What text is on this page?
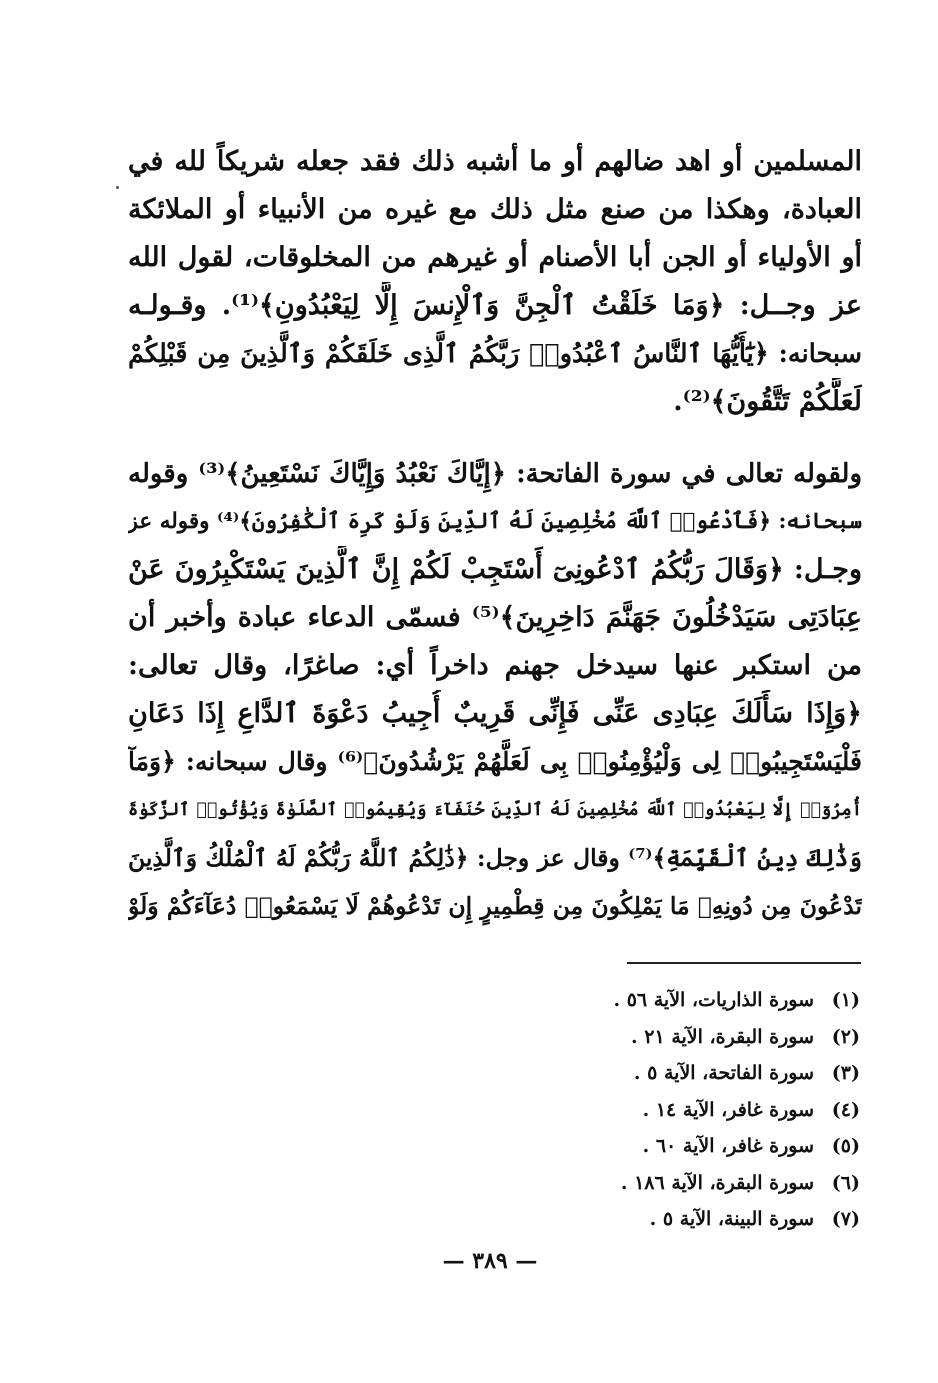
المسلمين أو اهد ضالهم أو ما أشبه ذلك فقد جعله شريكاً لله في
العبادة، وهكذا من صنع مثل ذلك مع غيره من الأنبياء أو الملائكة
أو الأولياء أو الجن أبا الأصنام أو غيرهم من المخلوقات، لقول الله
عز وجــل: ﴿وَمَا خَلَقْتُ ٱلْجِنَّ وَٱلْإِنسَ إِلَّا لِيَعْبُدُونِ﴾⁽¹⁾. وقـولـه
سبحانه: ﴿يَٰٓأَيُّهَا ٱلنَّاسُ ٱعْبُدُوا۟ رَبَّكُمُ ٱلَّذِى خَلَقَكُمْ وَٱلَّذِينَ مِن قَبْلِكُمْ
لَعَلَّكُمْ تَتَّقُونَ﴾⁽²⁾.
ولقوله تعالى في سورة الفاتحة: ﴿إِيَّاكَ نَعْبُدُ وَإِيَّاكَ نَسْتَعِينُ﴾⁽³⁾ وقوله
سبحانه: ﴿فَٱدْعُوا۟ ٱللَّهَ مُخْلِصِينَ لَهُ ٱلدِّينَ وَلَوْ كَرِهَ ٱلْكَٰفِرُونَ﴾⁽⁴⁾ وقوله عز
وجـل: ﴿وَقَالَ رَبُّكُمُ ٱدْعُونِىٓ أَسْتَجِبْ لَكُمْ إِنَّ ٱلَّذِينَ يَسْتَكْبِرُونَ عَنْ
عِبَادَتِى سَيَدْخُلُونَ جَهَنَّمَ دَاخِرِينَ﴾⁽⁵⁾ فسمّى الدعاء عبادة وأخبر أن
من استكبر عنها سيدخل جهنم داخراً أي: صاغرًا، وقال تعالى:
﴿وَإِذَا سَأَلَكَ عِبَادِى عَنِّى فَإِنِّى قَرِيبٌ أُجِيبُ دَعْوَةَ ٱلدَّاعِ إِذَا دَعَانِ
فَلْيَسْتَجِيبُوا۟ لِى وَلْيُؤْمِنُوا۟ بِى لَعَلَّهُمْ يَرْشُدُونَ﴾⁽⁶⁾ وقال سبحانه: ﴿وَمَآ
أُمِرُوٓا۟ إِلَّا لِيَعْبُدُوا۟ ٱللَّهَ مُخْلِصِينَ لَهُ ٱلدِّينَ حُنَفَآءَ وَيُقِيمُوا۟ ٱلصَّلَوٰةَ وَيُؤْتُوا۟ ٱلزَّكَوٰةَ
وَذَٰلِكَ دِينُ ٱلْقَيِّمَةِ﴾⁽⁷⁾ وقال عز وجل: ﴿ذَٰلِكُمُ ٱللَّهُ رَبُّكُمْ لَهُ ٱلْمُلْكُ وَٱلَّذِينَ
تَدْعُونَ مِن دُونِهِۦ مَا يَمْلِكُونَ مِن قِطْمِيرٍ إِن تَدْعُوهُمْ لَا يَسْمَعُوا۟ دُعَآءَكُمْ وَلَوْ
(١)سورة الذاريات، الآية ٥٦ .
(٢)سورة البقرة، الآية ٢١ .
(٣)سورة الفاتحة، الآية ٥ .
(٤)سورة غافر، الآية ١٤ .
(٥)سورة غافر، الآية ٦٠ .
(٦)سورة البقرة، الآية ١٨٦ .
(٧)سورة البينة، الآية ٥ .
— ٣٨٩ —
